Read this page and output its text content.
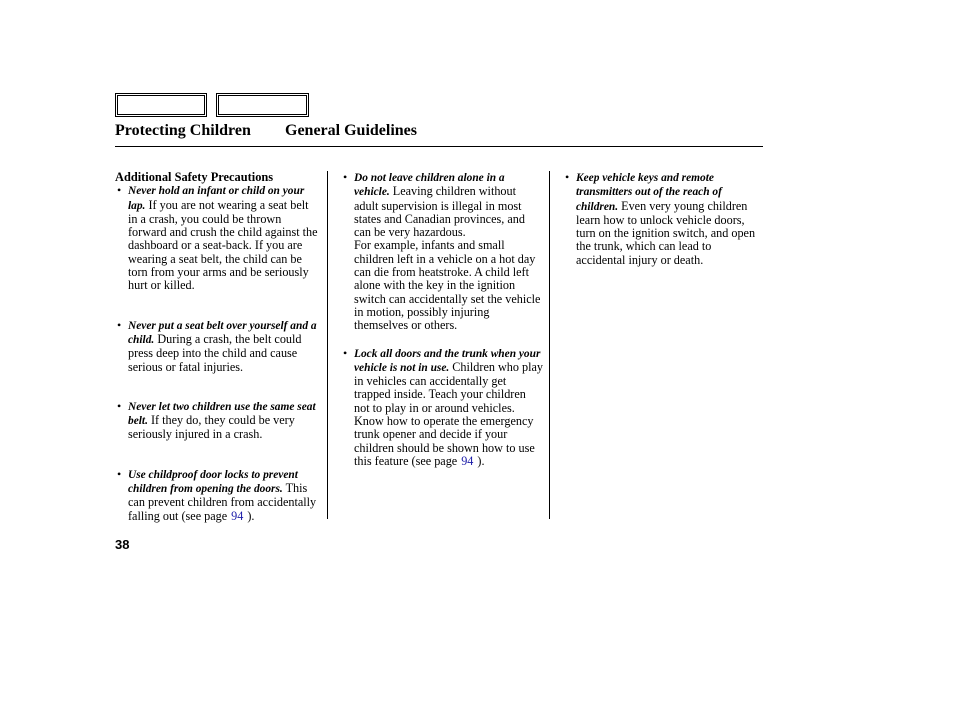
Protecting Children General Guidelines

Additional Safety Precautions

• Never hold an infant or child on your lap. If you are not wearing a seat belt in a crash, you could be thrown forward and crush the child against the dashboard or a seat-back. If you are wearing a seat belt, the child can be torn from your arms and be seriously hurt or killed.

• Never put a seat belt over yourself and a child. During a crash, the belt could press deep into the child and cause serious or fatal injuries.

• Never let two children use the same seat belt. If they do, they could be very seriously injured in a crash.

• Use childproof door locks to prevent children from opening the doors. This can prevent children from accidentally falling out (see page 94 ).

• Do not leave children alone in a vehicle. Leaving children without adult supervision is illegal in most states and Canadian provinces, and can be very hazardous.
For example, infants and small children left in a vehicle on a hot day can die from heatstroke. A child left alone with the key in the ignition switch can accidentally set the vehicle in motion, possibly injuring themselves or others.

• Lock all doors and the trunk when your vehicle is not in use. Children who play in vehicles can accidentally get trapped inside. Teach your children not to play in or around vehicles. Know how to operate the emergency trunk opener and decide if your children should be shown how to use this feature (see page 94 ).

• Keep vehicle keys and remote transmitters out of the reach of children. Even very young children learn how to unlock vehicle doors, turn on the ignition switch, and open the trunk, which can lead to accidental injury or death.

38
